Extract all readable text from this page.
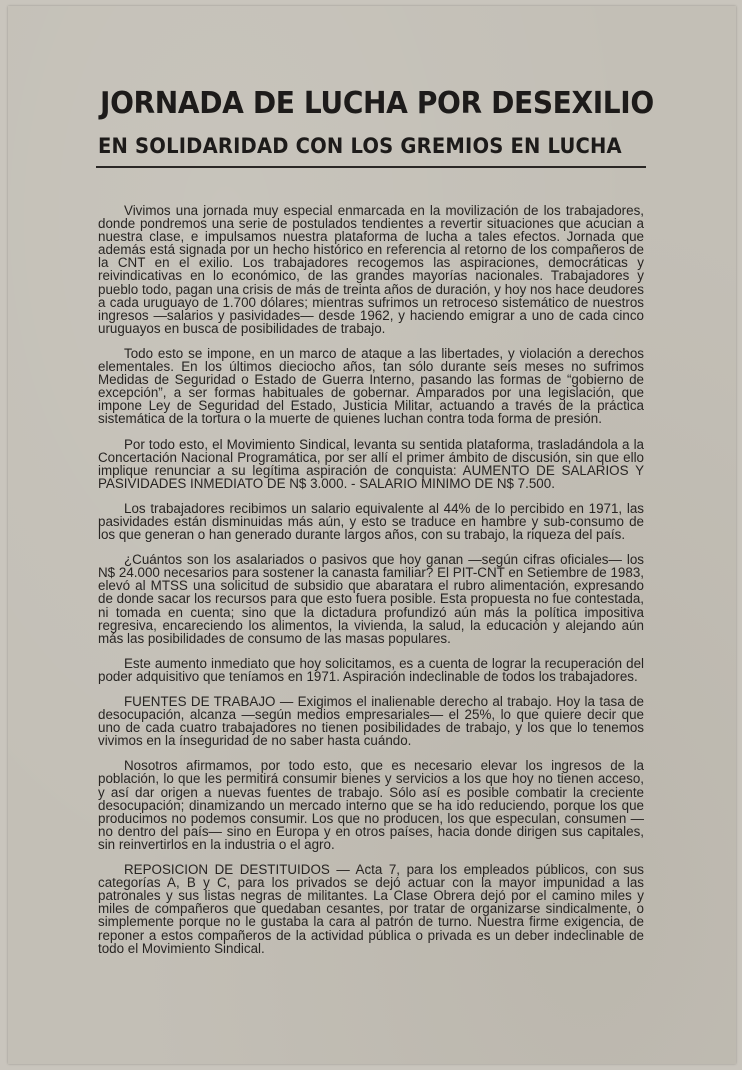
JORNADA DE LUCHA POR DESEXILIO
EN SOLIDARIDAD CON LOS GREMIOS EN LUCHA

Vivimos una jornada muy especial enmarcada en la movilización de los trabajadores, donde pondremos una serie de postulados tendientes a revertir situaciones que acucian a nuestra clase, e impulsamos nuestra plataforma de lucha a tales efectos. Jornada que además está signada por un hecho histórico en referencia al retorno de los compañeros de la CNT en el exilio. Los trabajadores recogemos las aspiraciones, democráticas y reivindicativas en lo económico, de las grandes mayorías nacionales. Trabajadores y pueblo todo, pagan una crisis de más de treinta años de duración, y hoy nos hace deudores a cada uruguayo de 1.700 dólares; mientras sufrimos un retroceso sistemático de nuestros ingresos —salarios y pasividades— desde 1962, y haciendo emigrar a uno de cada cinco uruguayos en busca de posibilidades de trabajo.

Todo esto se impone, en un marco de ataque a las libertades, y violación a derechos elementales. En los últimos dieciocho años, tan sólo durante seis meses no sufrimos Medidas de Seguridad o Estado de Guerra Interno, pasando las formas de “gobierno de excepción”, a ser formas habituales de gobernar. Amparados por una legislación, que impone Ley de Seguridad del Estado, Justicia Militar, actuando a través de la práctica sistemática de la tortura o la muerte de quienes luchan contra toda forma de presión.

Por todo esto, el Movimiento Sindical, levanta su sentida plataforma, trasladándola a la Concertación Nacional Programática, por ser allí el primer ámbito de discusión, sin que ello implique renunciar a su legítima aspiración de conquista: AUMENTO DE SALARIOS Y PASIVIDADES INMEDIATO DE N$ 3.000. - SALARIO MINIMO DE N$ 7.500.

Los trabajadores recibimos un salario equivalente al 44% de lo percibido en 1971, las pasividades están disminuidas más aún, y esto se traduce en hambre y sub-consumo de los que generan o han generado durante largos años, con su trabajo, la riqueza del país.

¿Cuántos son los asalariados o pasivos que hoy ganan —según cifras oficiales— los N$ 24.000 necesarios para sostener la canasta familiar? El PIT-CNT en Setiembre de 1983, elevó al MTSS una solicitud de subsidio que abaratara el rubro alimentación, expresando de donde sacar los recursos para que esto fuera posible. Esta propuesta no fue contestada, ni tomada en cuenta; sino que la dictadura profundizó aún más la política impositiva regresiva, encareciendo los alimentos, la vivienda, la salud, la educación y alejando aún más las posibilidades de consumo de las masas populares.

Este aumento inmediato que hoy solicitamos, es a cuenta de lograr la recuperación del poder adquisitivo que teníamos en 1971. Aspiración indeclinable de todos los trabajadores.

FUENTES DE TRABAJO — Exigimos el inalienable derecho al trabajo. Hoy la tasa de desocupación, alcanza —según medios empresariales— el 25%, lo que quiere decir que uno de cada cuatro trabajadores no tienen posibilidades de trabajo, y los que lo tenemos vivimos en la ínseguridad de no saber hasta cuándo.

Nosotros afirmamos, por todo esto, que es necesario elevar los ingresos de la población, lo que les permitirá consumir bienes y servicios a los que hoy no tienen acceso, y así dar origen a nuevas fuentes de trabajo. Sólo así es posible combatir la creciente desocupación; dinamizando un mercado interno que se ha ido reduciendo, porque los que producimos no podemos consumir. Los que no producen, los que especulan, consumen —no dentro del país— sino en Europa y en otros países, hacia donde dirigen sus capitales, sin reinvertirlos en la industria o el agro.

REPOSICION DE DESTITUIDOS — Acta 7, para los empleados públicos, con sus categorías A, B y C, para los privados se dejó actuar con la mayor impunidad a las patronales y sus listas negras de militantes. La Clase Obrera dejó por el camino miles y miles de compañeros que quedaban cesantes, por tratar de organizarse sindicalmente, o simplemente porque no le gustaba la cara al patrón de turno. Nuestra firme exigencia, de reponer a estos compañeros de la actividad pública o privada es un deber indeclinable de todo el Movimiento Sindical.
